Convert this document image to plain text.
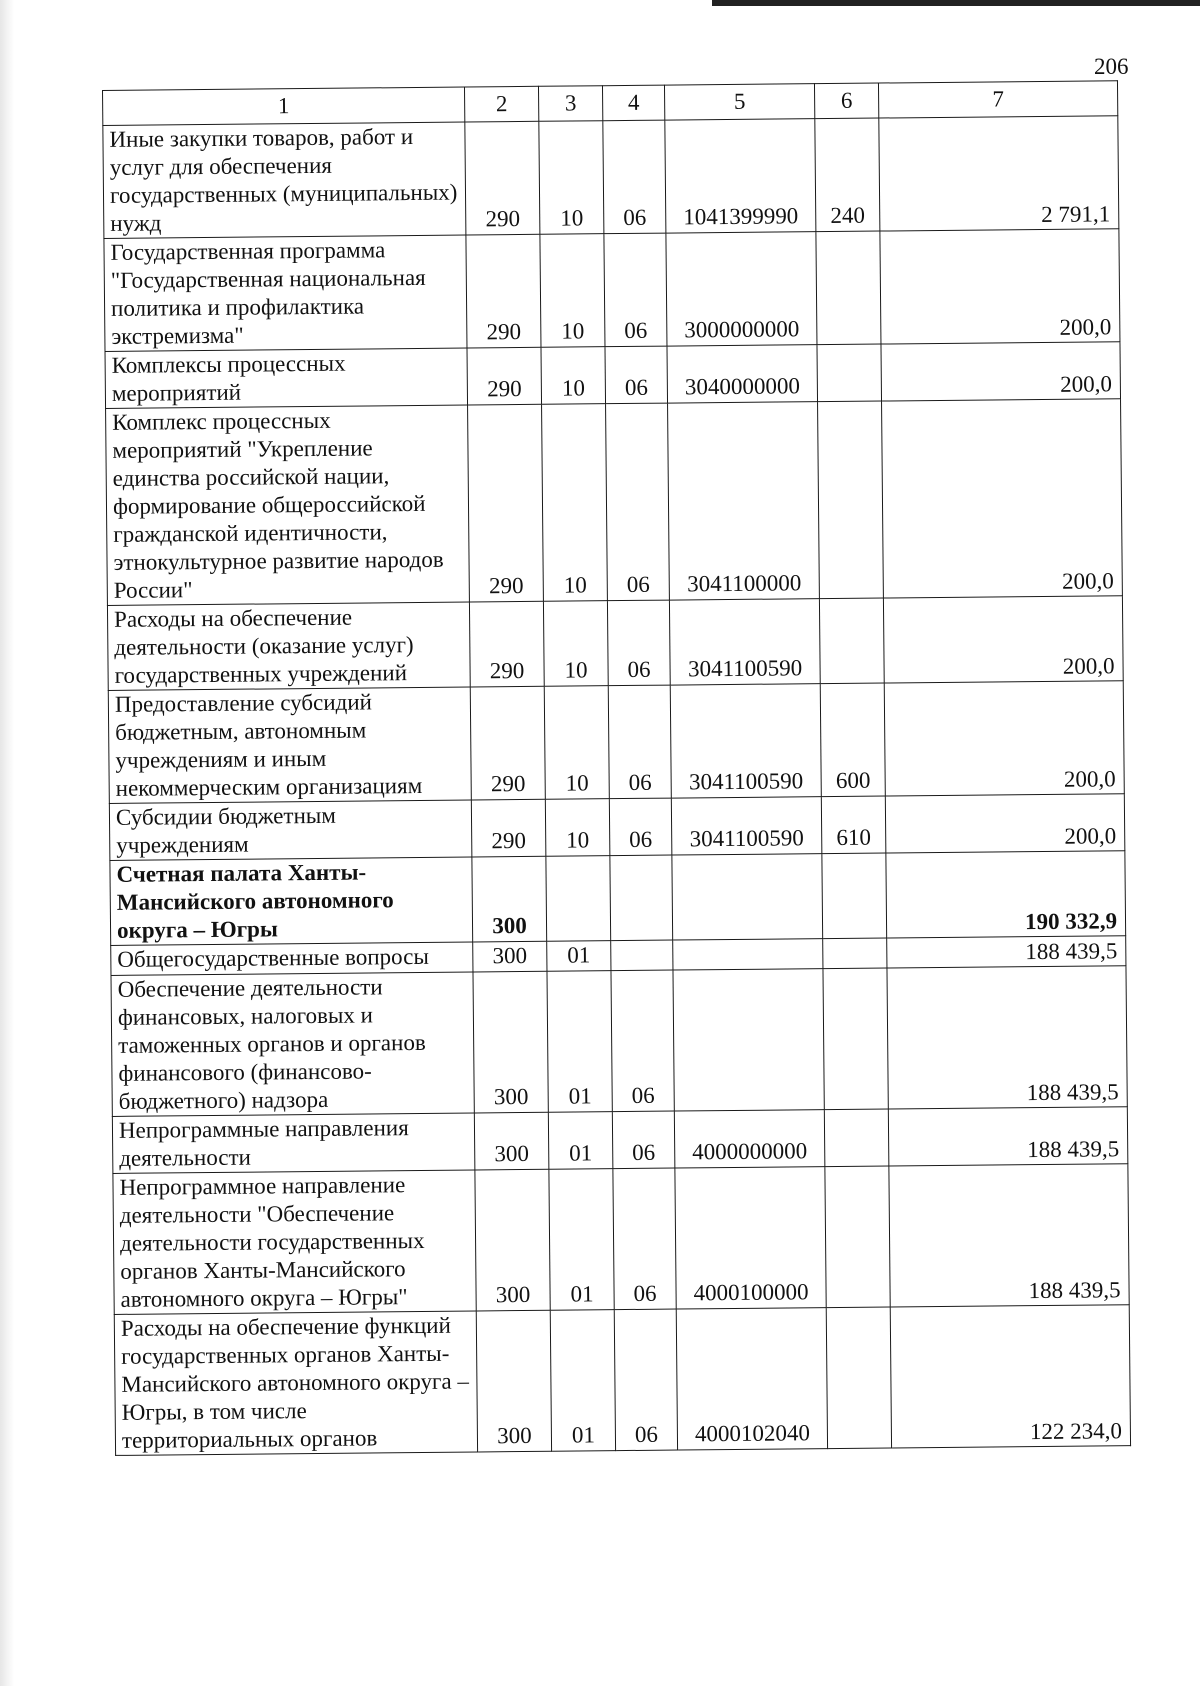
206
1	2	3	4	5	6	7
Иные закупки товаров, работ и услуг для обеспечения государственных (муниципальных) нужд	290	10	06	1041399990	240	2 791,1
Государственная программа "Государственная национальная политика и профилактика экстремизма"	290	10	06	3000000000		200,0
Комплексы процессных мероприятий	290	10	06	3040000000		200,0
Комплекс процессных мероприятий "Укрепление единства российской нации, формирование общероссийской гражданской идентичности, этнокультурное развитие народов России"	290	10	06	3041100000		200,0
Расходы на обеспечение деятельности (оказание услуг) государственных учреждений	290	10	06	3041100590		200,0
Предоставление субсидий бюджетным, автономным учреждениям и иным некоммерческим организациям	290	10	06	3041100590	600	200,0
Субсидии бюджетным учреждениям	290	10	06	3041100590	610	200,0
Счетная палата Ханты-Мансийского автономного округа – Югры	300					190 332,9
Общегосударственные вопросы	300	01				188 439,5
Обеспечение деятельности финансовых, налоговых и таможенных органов и органов финансового (финансово-бюджетного) надзора	300	01	06			188 439,5
Непрограммные направления деятельности	300	01	06	4000000000		188 439,5
Непрограммное направление деятельности "Обеспечение деятельности государственных органов Ханты-Мансийского автономного округа – Югры"	300	01	06	4000100000		188 439,5
Расходы на обеспечение функций государственных органов Ханты-Мансийского автономного округа – Югры, в том числе территориальных органов	300	01	06	4000102040		122 234,0
